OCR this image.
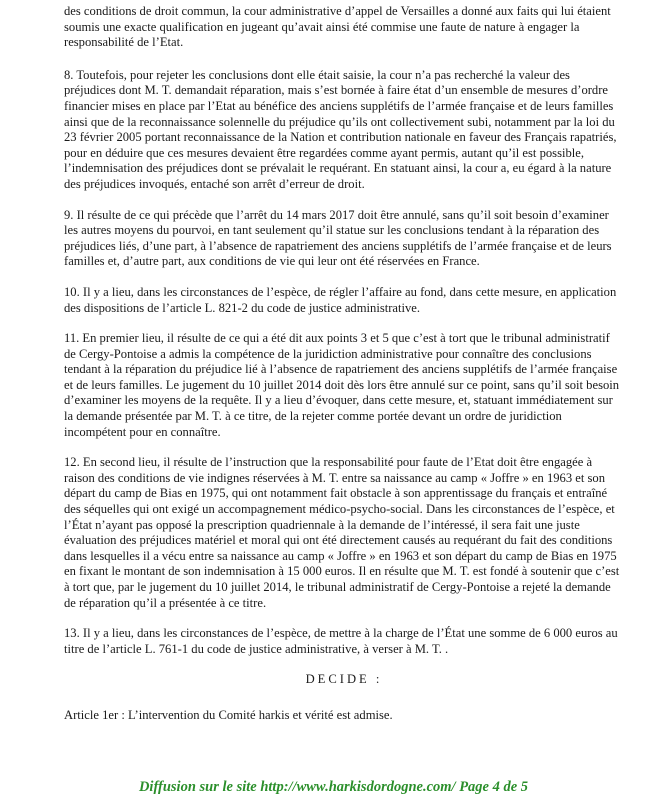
des conditions de droit commun, la cour administrative d’appel de Versailles a donné aux faits qui lui étaient soumis une exacte qualification en jugeant qu’avait ainsi été commise une faute de nature à engager la responsabilité de l’Etat.

8. Toutefois, pour rejeter les conclusions dont elle était saisie, la cour n’a pas recherché la valeur des préjudices dont M. T. demandait réparation, mais s’est bornée à faire état d’un ensemble de mesures d’ordre financier mises en place par l’Etat au bénéfice des anciens supplétifs de l’armée française et de leurs familles ainsi que de la reconnaissance solennelle du préjudice qu’ils ont collectivement subi, notamment par la loi du 23 février 2005 portant reconnaissance de la Nation et contribution nationale en faveur des Français rapatriés, pour en déduire que ces mesures devaient être regardées comme ayant permis, autant qu’il est possible, l’indemnisation des préjudices dont se prévalait le requérant. En statuant ainsi, la cour a, eu égard à la nature des préjudices invoqués, entaché son arrêt d’erreur de droit.

9. Il résulte de ce qui précède que l’arrêt du 14 mars 2017 doit être annulé, sans qu’il soit besoin d’examiner les autres moyens du pourvoi, en tant seulement qu’il statue sur les conclusions tendant à la réparation des préjudices liés, d’une part, à l’absence de rapatriement des anciens supplétifs de l’armée française et de leurs familles et, d’autre part, aux conditions de vie qui leur ont été réservées en France.

10. Il y a lieu, dans les circonstances de l’espèce, de régler l’affaire au fond, dans cette mesure, en application des dispositions de l’article L. 821-2 du code de justice administrative.

11. En premier lieu, il résulte de ce qui a été dit aux points 3 et 5 que c’est à tort que le tribunal administratif de Cergy-Pontoise a admis la compétence de la juridiction administrative pour connaître des conclusions tendant à la réparation du préjudice lié à l’absence de rapatriement des anciens supplétifs de l’armée française et de leurs familles. Le jugement du 10 juillet 2014 doit dès lors être annulé sur ce point, sans qu’il soit besoin d’examiner les moyens de la requête. Il y a lieu d’évoquer, dans cette mesure, et, statuant immédiatement sur la demande présentée par M. T. à ce titre, de la rejeter comme portée devant un ordre de juridiction incompétent pour en connaître.

12. En second lieu, il résulte de l’instruction que la responsabilité pour faute de l’Etat doit être engagée à raison des conditions de vie indignes réservées à M. T. entre sa naissance au camp « Joffre » en 1963 et son départ du camp de Bias en 1975, qui ont notamment fait obstacle à son apprentissage du français et entraîné des séquelles qui ont exigé un accompagnement médico-psycho-social. Dans les circonstances de l’espèce, et l’État n’ayant pas opposé la prescription quadriennale à la demande de l’intéressé, il sera fait une juste évaluation des préjudices matériel et moral qui ont été directement causés au requérant du fait des conditions dans lesquelles il a vécu entre sa naissance au camp « Joffre » en 1963 et son départ du camp de Bias en 1975 en fixant le montant de son indemnisation à 15 000 euros. Il en résulte que M. T. est fondé à soutenir que c’est à tort que, par le jugement du 10 juillet 2014, le tribunal administratif de Cergy-Pontoise a rejeté la demande de réparation qu’il a présentée à ce titre.

13. Il y a lieu, dans les circonstances de l’espèce, de mettre à la charge de l’État une somme de 6 000 euros au titre de l’article L. 761-1 du code de justice administrative, à verser à M. T. .

DECIDE :

Article 1er : L’intervention du Comité harkis et vérité est admise.

Diffusion sur le site http://www.harkisdordogne.com/ Page 4 de 5
